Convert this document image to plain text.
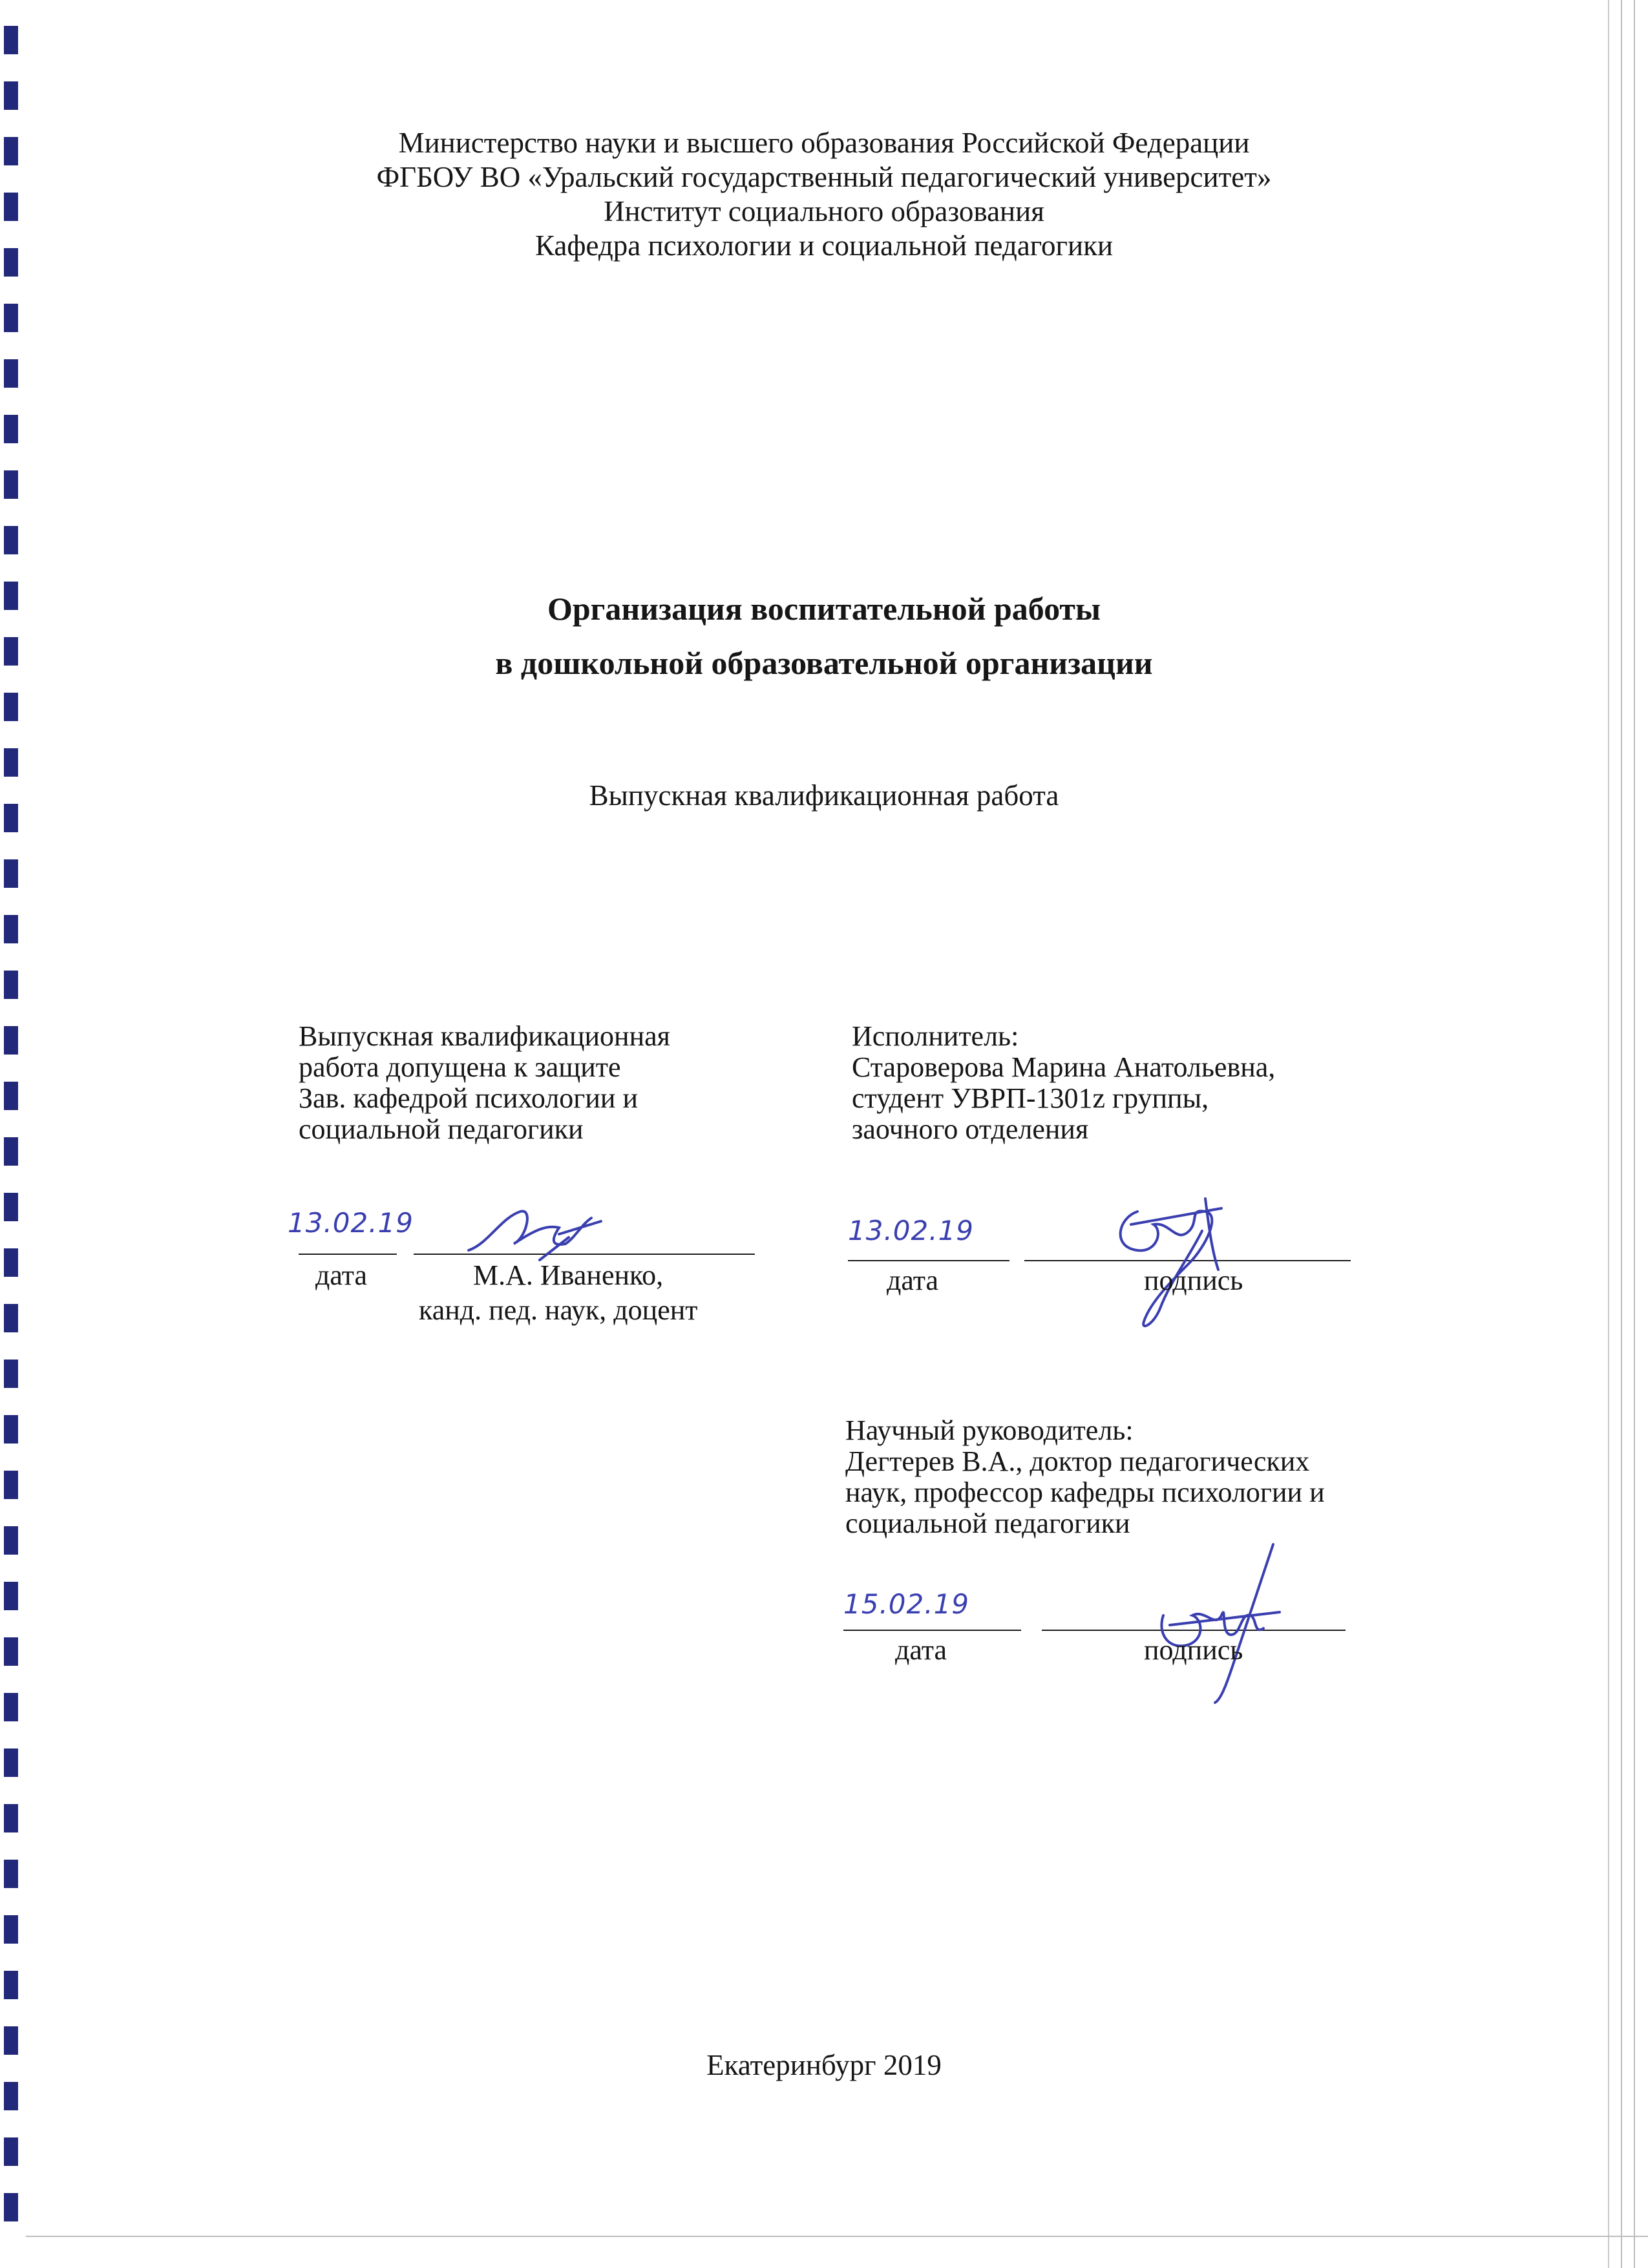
Министерство науки и высшего образования Российской Федерации
ФГБОУ ВО «Уральский государственный педагогический университет»
Институт социального образования
Кафедра психологии и социальной педагогики
Организация воспитательной работы
в дошкольной образовательной организации
Выпускная квалификационная работа
Выпускная квалификационная
работа допущена к защите
Зав. кафедрой психологии и
социальной педагогики
13.02.19
дата	М.А. Иваненко,
канд. пед. наук, доцент
Исполнитель:
Староверова Марина Анатольевна,
студент УВРП-1301z группы,
заочного отделения
13.02.19
дата	подпись
Научный руководитель:
Дегтерев В.А., доктор педагогических
наук, профессор кафедры психологии и
социальной педагогики
15.02.19
дата	подпись
Екатеринбург 2019
